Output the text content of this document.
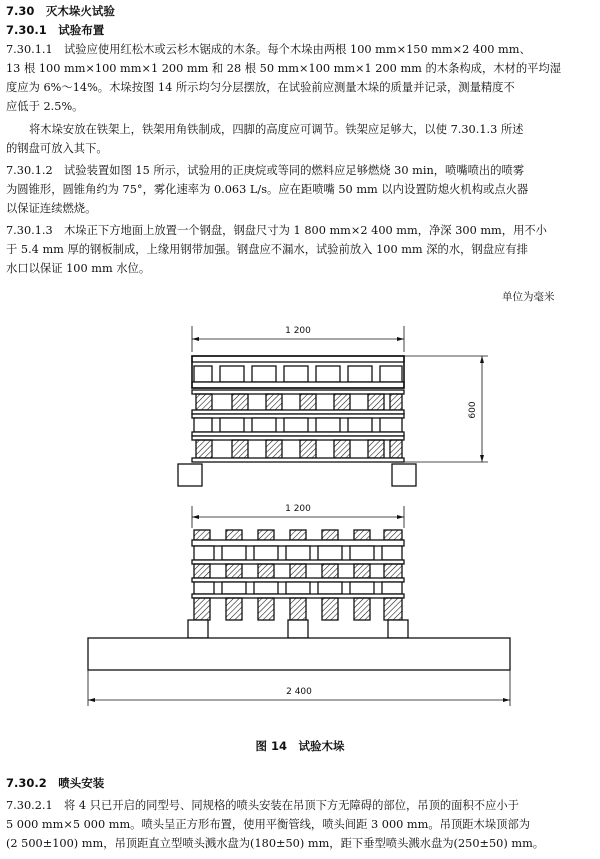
7.30　灭木垛火试验
7.30.1　试验布置
7.30.1.1　试验应使用红松木或云杉木锯成的木条。每个木垛由两根 100 mm×150 mm×2 400 mm、
13 根 100 mm×100 mm×1 200 mm 和 28 根 50 mm×100 mm×1 200 mm 的木条构成，木材的平均湿
度应为 6%～14%。木垛按图 14 所示均匀分层摆放，在试验前应测量木垛的质量并记录，测量精度不
应低于 2.5%。
将木垛安放在铁架上，铁架用角铁制成，四脚的高度应可调节。铁架应足够大，以使 7.30.1.3 所述
的钢盘可放入其下。
7.30.1.2　试验装置如图 15 所示，试验用的正庚烷或等同的燃料应足够燃烧 30 min，喷嘴喷出的喷雾
为圆锥形，圆锥角约为 75°，雾化速率为 0.063 L/s。应在距喷嘴 50 mm 以内设置防熄火机构或点火器
以保证连续燃烧。
7.30.1.3　木垛正下方地面上放置一个钢盘，钢盘尺寸为 1 800 mm×2 400 mm，净深 300 mm，用不小
于 5.4 mm 厚的钢板制成，上缘用钢带加强。钢盘应不漏水，试验前放入 100 mm 深的水，钢盘应有排
水口以保证 100 mm 水位。
单位为毫米
1 200
600
1 200
2 400
图 14　试验木垛
7.30.2　喷头安装
7.30.2.1　将 4 只已开启的同型号、同规格的喷头安装在吊顶下方无障碍的部位，吊顶的面积不应小于
5 000 mm×5 000 mm。喷头呈正方形布置，使用平衡管线，喷头间距 3 000 mm。吊顶距木垛顶部为
(2 500±100) mm，吊顶距直立型喷头溅水盘为(180±50) mm，距下垂型喷头溅水盘为(250±50) mm。
